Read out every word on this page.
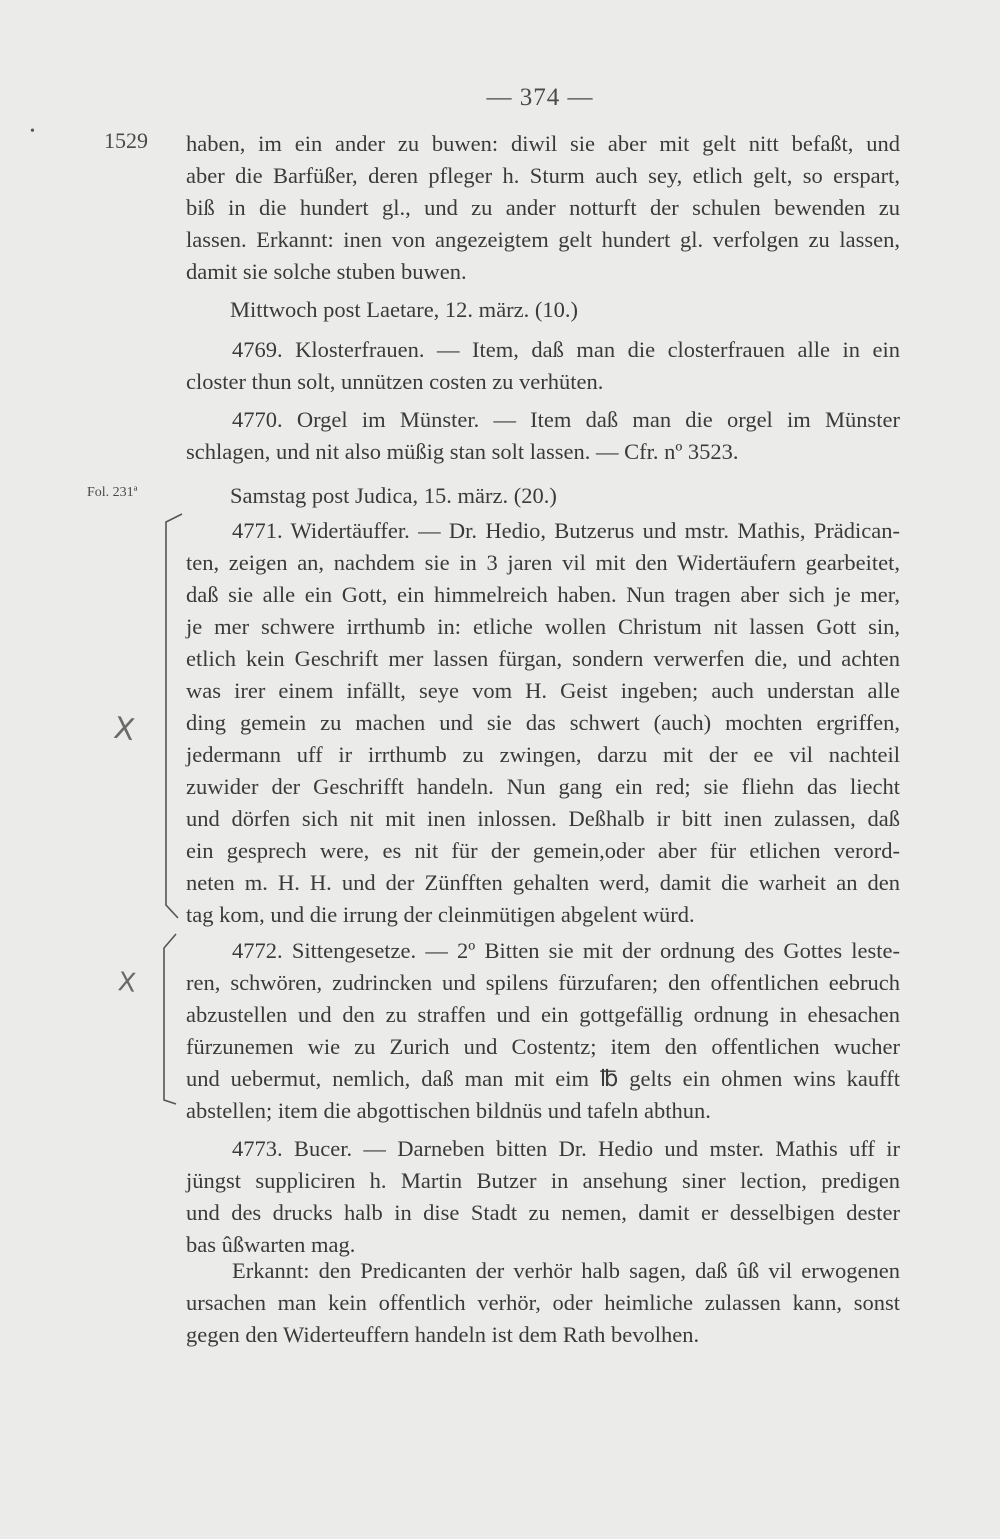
— 374 —
•	1529
Fol. 231ª
X
X
haben, im ein ander zu buwen: diwil sie aber mit gelt nitt befaßt, und
aber die Barfüßer, deren pfleger h. Sturm auch sey, etlich gelt, so erspart,
biß in die hundert gl., und zu ander notturft der schulen bewenden zu
lassen. Erkannt: inen von angezeigtem gelt hundert gl. verfolgen zu lassen,
damit sie solche stuben buwen.
Mittwoch post Laetare, 12. märz. (10.)
4769. Klosterfrauen. — Item, daß man die closterfrauen alle in ein
closter thun solt, unnützen costen zu verhüten.
4770. Orgel im Münster. — Item daß man die orgel im Münster
schlagen, und nit also müßig stan solt lassen. — Cfr. nº 3523.
Samstag post Judica, 15. märz. (20.)
4771. Widertäuffer. — Dr. Hedio, Butzerus und mstr. Mathis, Prädican-
ten, zeigen an, nachdem sie in 3 jaren vil mit den Widertäufern gearbeitet,
daß sie alle ein Gott, ein himmelreich haben. Nun tragen aber sich je mer,
je mer schwere irrthumb in: etliche wollen Christum nit lassen Gott sin,
etlich kein Geschrift mer lassen fürgan, sondern verwerfen die, und achten
was irer einem infällt, seye vom H. Geist ingeben; auch understan alle
ding gemein zu machen und sie das schwert (auch) mochten ergriffen,
jedermann uff ir irrthumb zu zwingen, darzu mit der ee vil nachteil
zuwider der Geschrifft handeln. Nun gang ein red; sie fliehn das liecht
und dörfen sich nit mit inen inlossen. Deßhalb ir bitt inen zulassen, daß
ein gesprech were, es nit für der gemein,oder aber für etlichen verord-
neten m. H. H. und der Zünfften gehalten werd, damit die warheit an den
tag kom, und die irrung der cleinmütigen abgelent würd.
4772. Sittengesetze. — 2º Bitten sie mit der ordnung des Gottes leste-
ren, schwören, zudrincken und spilens fürzufaren; den offentlichen eebruch
abzustellen und den zu straffen und ein gottgefällig ordnung in ehesachen
fürzunemen wie zu Zurich und Costentz; item den offentlichen wucher
und uebermut, nemlich, daß man mit eim ℔ gelts ein ohmen wins kaufft
abstellen; item die abgottischen bildnüs und tafeln abthun.
4773. Bucer. — Darneben bitten Dr. Hedio und mster. Mathis uff ir
jüngst suppliciren h. Martin Butzer in ansehung siner lection, predigen
und des drucks halb in dise Stadt zu nemen, damit er desselbigen dester
bas ûßwarten mag.
Erkannt: den Predicanten der verhör halb sagen, daß ûß vil erwogenen
ursachen man kein offentlich verhör, oder heimliche zulassen kann, sonst
gegen den Widerteuffern handeln ist dem Rath bevolhen.
